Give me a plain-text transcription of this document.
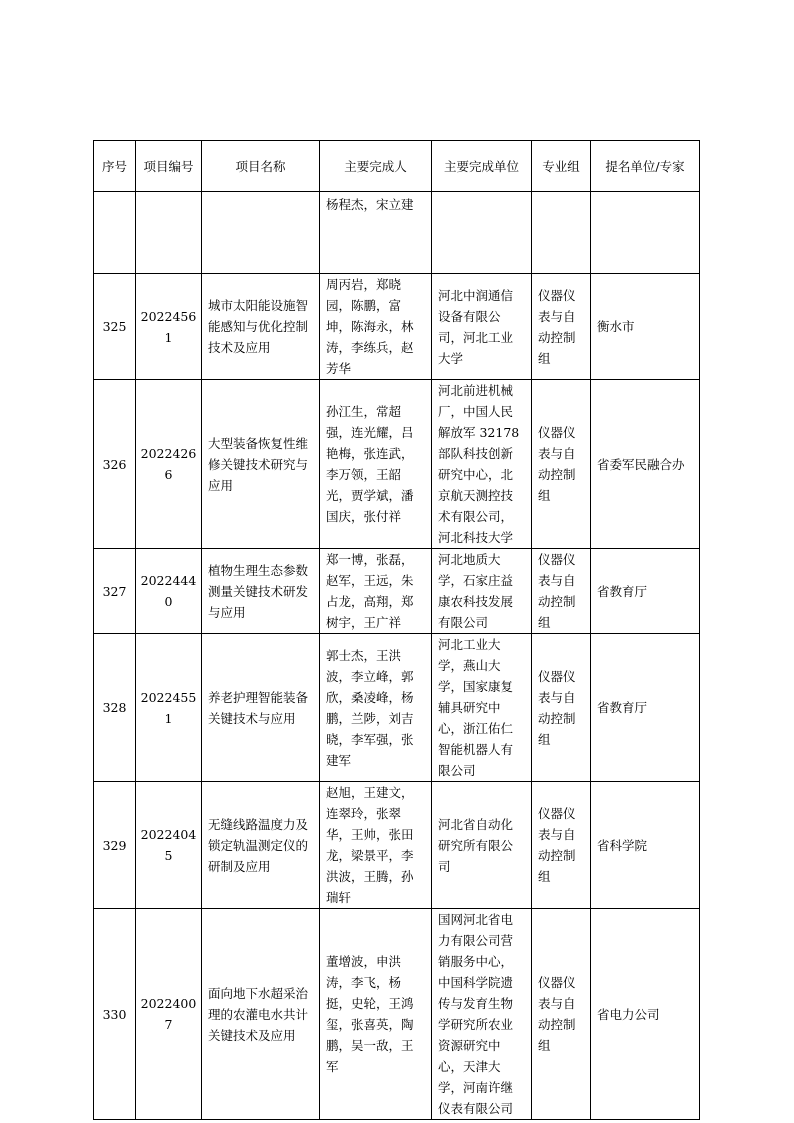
序号	项目编号	项目名称	主要完成人	主要完成单位	专业组	提名单位/专家
			杨程杰，宋立建			
325	20224561	城市太阳能设施智能感知与优化控制技术及应用	周丙岩，郑晓园，陈鹏，富坤，陈海永，林涛，李练兵，赵芳华	河北中润通信设备有限公司，河北工业大学	仪器仪表与自动控制组	衡水市
326	20224266	大型装备恢复性维修关键技术研究与应用	孙江生，常超强，连光耀，吕艳梅，张连武，李万领，王韶光，贾学斌，潘国庆，张付祥	河北前进机械厂，中国人民解放军 32178 部队科技创新研究中心，北京航天测控技术有限公司，河北科技大学	仪器仪表与自动控制组	省委军民融合办
327	20224440	植物生理生态参数测量关键技术研发与应用	郑一博，张磊，赵军，王远，朱占龙，高翔，郑树宇，王广祥	河北地质大学，石家庄益康农科技发展有限公司	仪器仪表与自动控制组	省教育厅
328	20224551	养老护理智能装备关键技术与应用	郭士杰，王洪波，李立峰，郭欣，桑凌峰，杨鹏，兰陟，刘吉晓，李军强，张建军	河北工业大学，燕山大学，国家康复辅具研究中心，浙江佑仁智能机器人有限公司	仪器仪表与自动控制组	省教育厅
329	20224045	无缝线路温度力及锁定轨温测定仪的研制及应用	赵旭，王建文，连翠玲，张翠华，王帅，张田龙，梁景平，李洪波，王腾，孙瑞轩	河北省自动化研究所有限公司	仪器仪表与自动控制组	省科学院
330	20224007	面向地下水超采治理的农灌电水共计关键技术及应用	董增波，申洪涛，李飞，杨挺，史轮，王鸿玺，张喜英，陶鹏，吴一敌，王军	国网河北省电力有限公司营销服务中心，中国科学院遗传与发育生物学研究所农业资源研究中心，天津大学，河南许继仪表有限公司	仪器仪表与自动控制组	省电力公司
